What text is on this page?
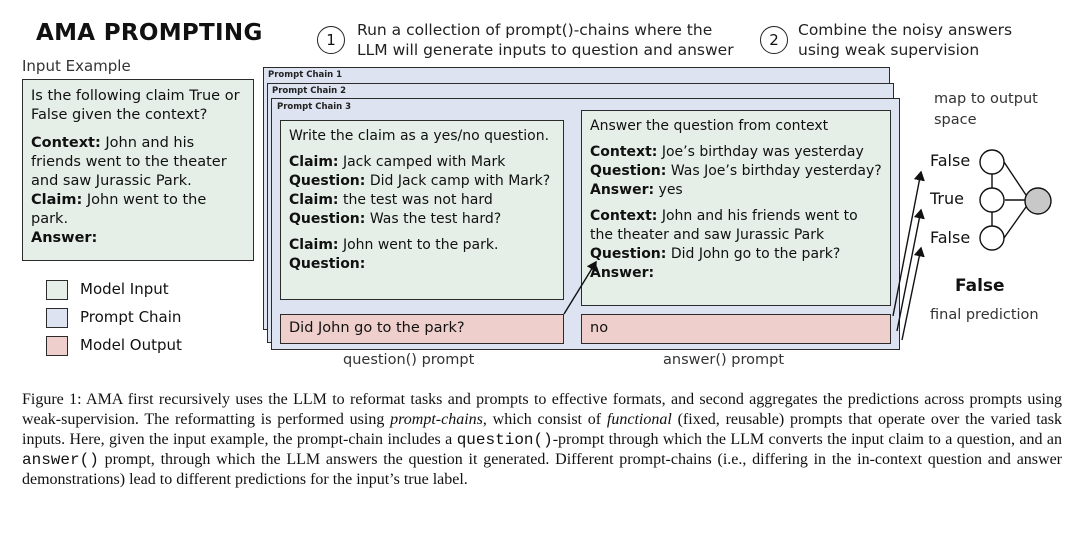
AMA PROMPTING
Input Example

Is the following claim True or False given the context?

Context: John and his friends went to the theater and saw Jurassic Park.
Claim: John went to the park.
Answer:

Model Input
Prompt Chain
Model Output
1
Run a collection of prompt()-chains where the LLM will generate inputs to question and answer
2
Combine the noisy answers using weak supervision
Prompt Chain 1
Prompt Chain 2
Prompt Chain 3

Write the claim as a yes/no question.

Claim: Jack camped with Mark
Question: Did Jack camp with Mark?
Claim: the test was not hard
Question: Was the test hard?

Claim: John went to the park.
Question:

Did John go to the park?

Answer the question from context

Context: Joe’s birthday was yesterday
Question: Was Joe’s birthday yesterday?
Answer: yes

Context: John and his friends went to the theater and saw Jurassic Park
Question: Did John go to the park?
Answer:

no
question() prompt	answer() prompt
map to output space
False
True
False
False
final prediction
Figure 1: AMA first recursively uses the LLM to reformat tasks and prompts to effective formats, and second aggregates the predictions across prompts using weak-supervision. The reformatting is performed using prompt-chains, which consist of functional (fixed, reusable) prompts that operate over the varied task inputs. Here, given the input example, the prompt-chain includes a question()-prompt through which the LLM converts the input claim to a question, and an answer() prompt, through which the LLM answers the question it generated. Different prompt-chains (i.e., differing in the in-context question and answer demonstrations) lead to different predictions for the input’s true label.
